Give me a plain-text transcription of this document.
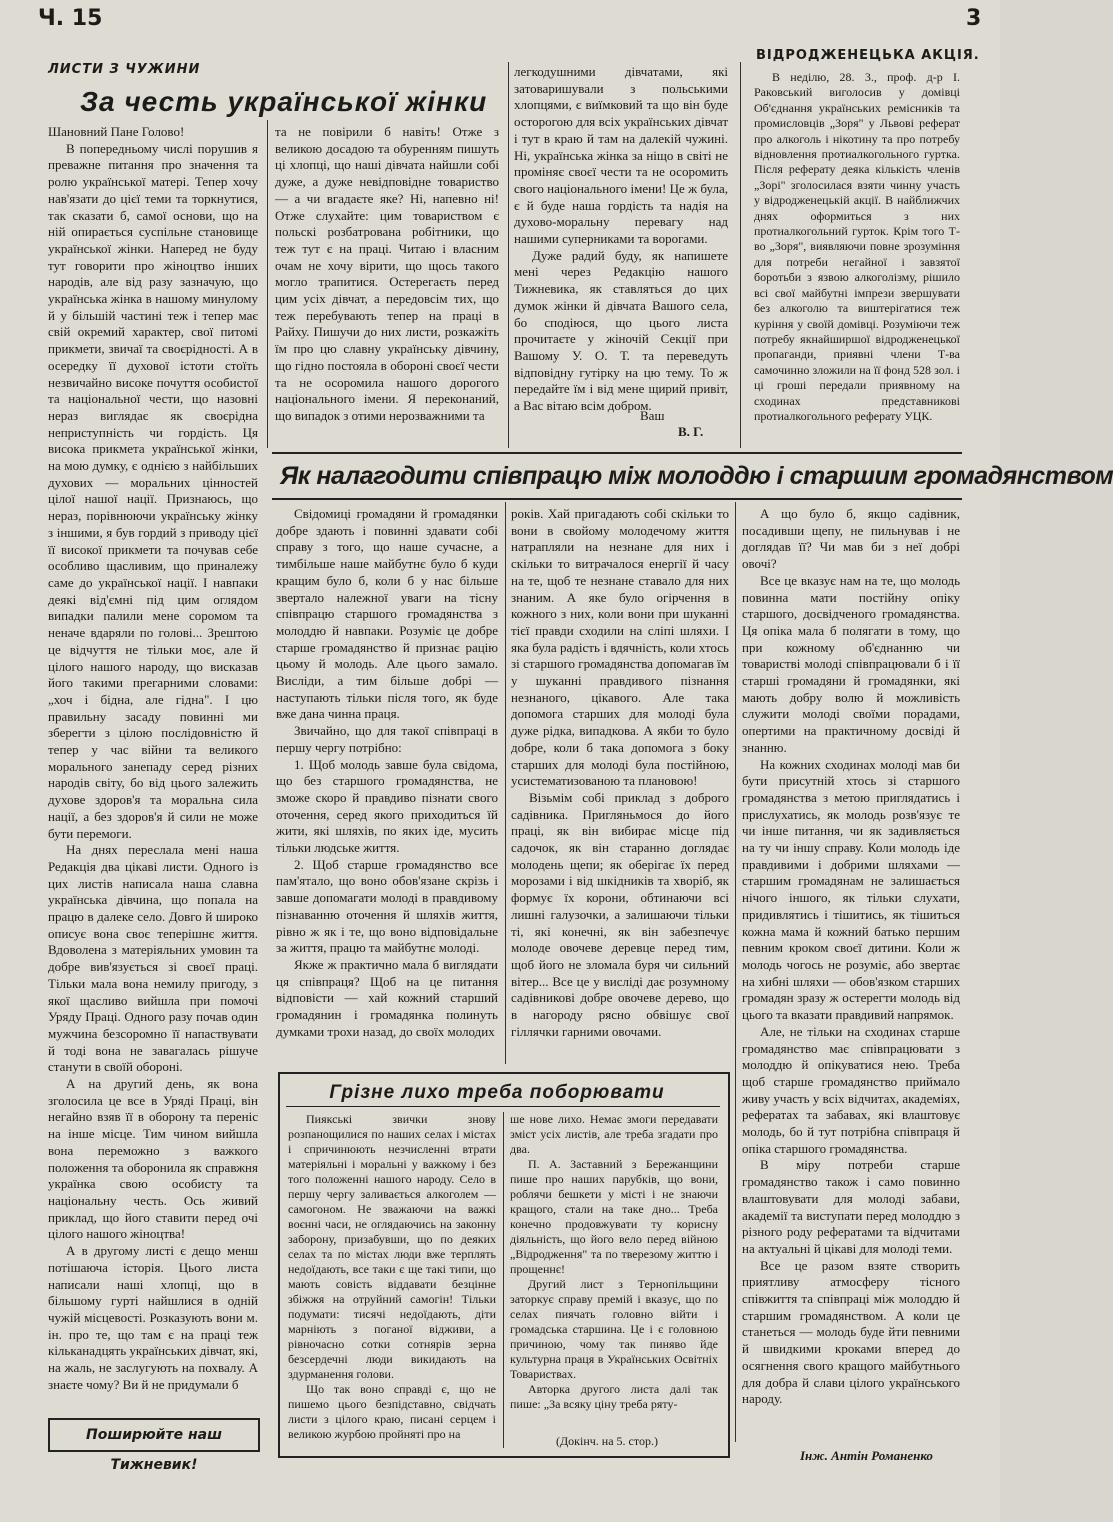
Ч. 15	3
ЛИСТИ З ЧУЖИНИ
За честь української жінки

Шановний Пане Голово!

В попередньому числі порушив я преважне питання про значення та ролю української матері. Тепер хочу нав'язати до цієї теми та торкнутися, так сказати б, самої основи, що на ній опирається суспільне становище української жінки. Наперед не буду тут говорити про жіноцтво інших народів, але від разу зазначую, що українська жінка в нашому минулому й у більшій частині теж і тепер має свій окремий характер, свої питомі прикмети, звичаї та своєрідності. А в осередку її духової істоти стоїть незвичайно високе почуття особистої та національної чести, що назовні нераз виглядає як своєрідна неприступність чи гордість. Ця висока прикмета української жінки, на мою думку, є однією з найбільших духових — моральних цінностей цілої нашої нації. Признаюсь, що нераз, порівнюючи українську жінку з іншими, я був гордий з приводу цієї її високої прикмети та почував себе особливо щасливим, що приналежу саме до української нації. І навпаки деякі від'ємні під цим оглядом випадки палили мене соромом та неначе вдаряли по голові... Зрештою це відчуття не тільки моє, але й цілого нашого народу, що висказав його такими прегарними словами: „хоч і бідна, але гідна". І цю правильну засаду повинні ми зберегти з цілою послідовністю й тепер у час війни та великого морального занепаду серед різних народів світу, бо від цього залежить духове здоров'я та моральна сила нації, а без здоров'я й сили не може бути перемоги.

На днях переслала мені наша Редакція два цікаві листи. Одного із цих листів написала наша славна українська дівчина, що попала на працю в далеке село. Довго й широко описує вона своє теперішнє життя. Вдоволена з матеріяльних умовин та добре вив'язується зі своєї праці. Тільки мала вона немилу пригоду, з якої щасливо вийшла при помочі Уряду Праці. Одного разу почав один мужчина безсоромно її напаствувати й тоді вона не завагалась рішуче станути в своїй обороні.

А на другий день, як вона зголосила це все в Уряді Праці, він негайно взяв її в оборону та переніс на інше місце. Тим чином вийшла вона переможно з важкого положення та оборонила як справжня українка свою особисту та національну честь. Ось живий приклад, що його ставити перед очі цілого нашого жіноцтва!

А в другому листі є дещо менш потішаюча історія. Цього листа написали наші хлопці, що в більшому гурті найшлися в одній чужій місцевості. Розказують вони м. ін. про те, що там є на праці теж кільканадцять українських дівчат, які, на жаль, не заслугують на похвалу. А знаєте чому? Ви й не придумали б

та не повірили б навіть! Отже з великою досадою та обуренням пишуть ці хлопці, що наші дівчата найшли собі дуже, а дуже невідповідне товариство — а чи вгадаєте яке? Ні, напевно ні! Отже слухайте: цим товариством є польскі розбатрована робітники, що теж тут є на праці. Читаю і власним очам не хочу вірити, що щось такого могло трапитися. Остерегаєть перед цим усіх дівчат, а передовсім тих, що теж перебувають тепер на праці в Райху. Пишучи до них листи, розкажіть їм про цю славну українську дівчину, що гідно постояла в обороні своєї чести та не осоромила нашого дорогого національного імени. Я переконаний, що випадок з отими нерозважними та

легкодушними дівчатами, які затоваришували з польськими хлопцями, є виїмковий та що він буде осторогою для всіх українських дівчат і тут в краю й там на далекій чужині. Ні, українська жінка за ніщо в світі не проміняє своєї чести та не осоромить свого національного імени! Це ж була, є й буде наша гордість та надія на духово-моральну перевагу над нашими суперниками та ворогами.

Дуже радий буду, як напишете мені через Редакцію нашого Тижневика, як ставляться до цих думок жінки й дівчата Вашого села, бо сподіюся, що цього листа прочитаєте у жіночій Секції при Вашому У. О. Т. та переведуть відповідну гутірку на цю тему. То ж передайте їм і від мене щирий привіт, а Вас вітаю всім добром.

Ваш
В. Г.
ВІДРОДЖЕНЕЦЬКА АКЦІЯ.

В неділю, 28. 3., проф. д-р І. Раковський виголосив у домівці Об'єднання українських ремісників та промисловців „Зоря" у Львові реферат про алкоголь і нікотину та про потребу відновлення протиалкогольного гуртка. Після реферату деяка кількість членів „Зорі" зголосилася взяти чинну участь у відродженецькій акції. В найближчих днях оформиться з них протиалкогольний гурток. Крім того Т-во „Зоря", виявляючи повне зрозуміння для потреби негайної і завзятої боротьби з язвою алкоголізму, рішило всі свої майбутні імпрези звершувати без алкоголю та виштерігатися теж куріння у своїй домівці. Розуміючи теж потребу якнайширшої відродженецької пропаганди, приявні члени Т-ва самочинно зложили на її фонд 528 зол. і ці гроші передали приявному на сходинах представникові протиалкогольного реферату УЦК.

Як налагодити співпрацю між молоддю і старшим громадянством

Свідомиці громадяни й громадянки добре здають і повинні здавати собі справу з того, що наше сучасне, а тимбільше наше майбутнє було б куди кращим було б, коли б у нас більше звертало належної уваги на тісну співпрацю старшого громадянства з молоддю й навпаки. Розуміє це добре старше громадянство й признає рацію цьому й молодь. Але цього замало. Висліди, а тим більше добрі — наступають тільки після того, як буде вже дана чинна праця.

Звичайно, що для такої співпраці в першу чергу потрібно:

1. Щоб молодь завше була свідома, що без старшого громадянства, не зможе скоро й правдиво пізнати свого оточення, серед якого приходиться їй жити, які шляхів, по яких іде, мусить тільки людське життя.

2. Щоб старше громадянство все пам'ятало, що воно обов'язане скрізь і завше допомагати молоді в правдивому пізнаванню оточення й шляхів життя, рівно ж як і те, що воно відповідальне за життя, працю та майбутнє молоді.

Якже ж практично мала б виглядати ця співпраця? Щоб на це питання відповісти — хай кожний старший громадянин і громадянка полинуть думками трохи назад, до своїх молодих

років. Хай пригадають собі скільки то вони в свойому молодечому життя натрапляли на незнане для них і скільки то витрачалося енергії й часу на те, щоб те незнане ставало для них знаним. А яке було огірчення в кожного з них, коли вони при шуканні тієї правди сходили на сліпі шляхи. І яка була радість і вдячність, коли хтось зі старшого громадянства допомагав їм у шуканні правдивого пізнання незнаного, цікавого. Але така допомога старших для молоді була дуже рідка, випадкова. А якби то було добре, коли б така допомога з боку старших для молоді була постійною, усистематизованою та плановою!

Візьмім собі приклад з доброго садівника. Пригляньмося до його праці, як він вибирає місце під садочок, як він старанно доглядає молодень щепи; як оберігає їх перед морозами і від шкідників та хворіб, як формує їх корони, обтинаючи всі лишні галузочки, а залишаючи тільки ті, які конечні, як він забезпечує молоде овочеве деревце перед тим, щоб його не зломала буря чи сильний вітер... Все це у висліді дає розумному садівникові добре овочеве дерево, що в нагороду рясно обвішує свої гіллячки гарними овочами.

А що було б, якщо садівник, посадивши щепу, не пильнував і не доглядав її? Чи мав би з неї добрі овочі?

Все це вказує нам на те, що молодь повинна мати постійну опіку старшого, досвідченого громадянства. Ця опіка мала б полягати в тому, що при кожному об'єднанню чи товаристві молоді співпрацювали б і її старші громадяни й громадянки, які мають добру волю й можливість служити молоді своїми порадами, опертими на практичному досвіді й знанню.

На кожних сходинах молоді мав би бути присутній хтось зі старшого громадянства з метою приглядатись і прислухатись, як молодь розв'язує те чи інше питання, чи як задивляється на ту чи іншу справу. Коли молодь іде правдивими і добрими шляхами — старшим громадянам не залишається нічого іншого, як тільки слухати, придивлятись і тішитись, як тішиться кожна мама й кожний батько першим певним кроком своєї дитини. Коли ж молодь чогось не розуміє, або звертає на хибні шляхи — обов'язком старших громадян зразу ж остерегти молодь від цього та вказати правдивий напрямок.

Але, не тільки на сходинах старше громадянство має співпрацювати з молоддю й опікуватися нею. Треба щоб старше громадянство приймало живу участь у всіх відчитах, академіях, рефератах та забавах, які влаштовує молодь, бо й тут потрібна співпраця й опіка старшого громадянства.

В міру потреби старше громадянство також і само повинно влаштовувати для молоді забави, академії та виступати перед молоддю з різного роду рефератами та відчитами на актуальні й цікаві для молоді теми.

Все це разом взяте створить приятливу атмосферу тісного співжиття та співпраці між молоддю й старшим громадянством. А коли це станеться — молодь буде йти певними й швидкими кроками вперед до осягнення свого кращого майбутнього для добра й слави цілого українського народу.

Інж. Антін Романенко
Грізне лихо треба поборювати

Пиякські звички знову розпанощилися по наших селах і містах і спричинюють незчисленні втрати матеріяльні і моральні у важкому і без того положенні нашого народу. Село в першу чергу заливається алкоголем — самогоном. Не зважаючи на важкі воєнні часи, не оглядаючись на законну заборону, призабувши, що по деяких селах та по містах люди вже терплять недоїдають, все таки є ще такі типи, що мають совість віддавати безцінне збіжжя на отруйний самогін! Тільки подумати: тисячі недоїдають, діти марніють з поганої відживи, а рівночасно сотки сотнярів зерна безсердечні люди викидають на здурманення голови.

Що так воно справді є, що не пишемо цього безпідставно, свідчать листи з цілого краю, писані серцем і великою журбою пройняті про на

ше нове лихо. Немає змоги передавати зміст усіх листів, але треба згадати про два.

П. А. Заставний з Бережанщини пише про наших парубків, що вони, роблячи бешкети у місті і не знаючи кращого, стали на таке дно... Треба конечно продовжувати ту корисну діяльність, що його вело перед війною „Відродження" та по тверезому життю і прощеннє!

Другий лист з Тернопільщини заторкує справу премій і вказує, що по селах пиячать головно війти і громадська старшина. Це і є головною причиною, чому так пиняво йде культурна праця в Українських Освітніх Товариствах.

Авторка другого листа далі так пише: „За всяку ціну треба ряту-

(Докінч. на 5. стор.)
Поширюйте наш Тижневик!
